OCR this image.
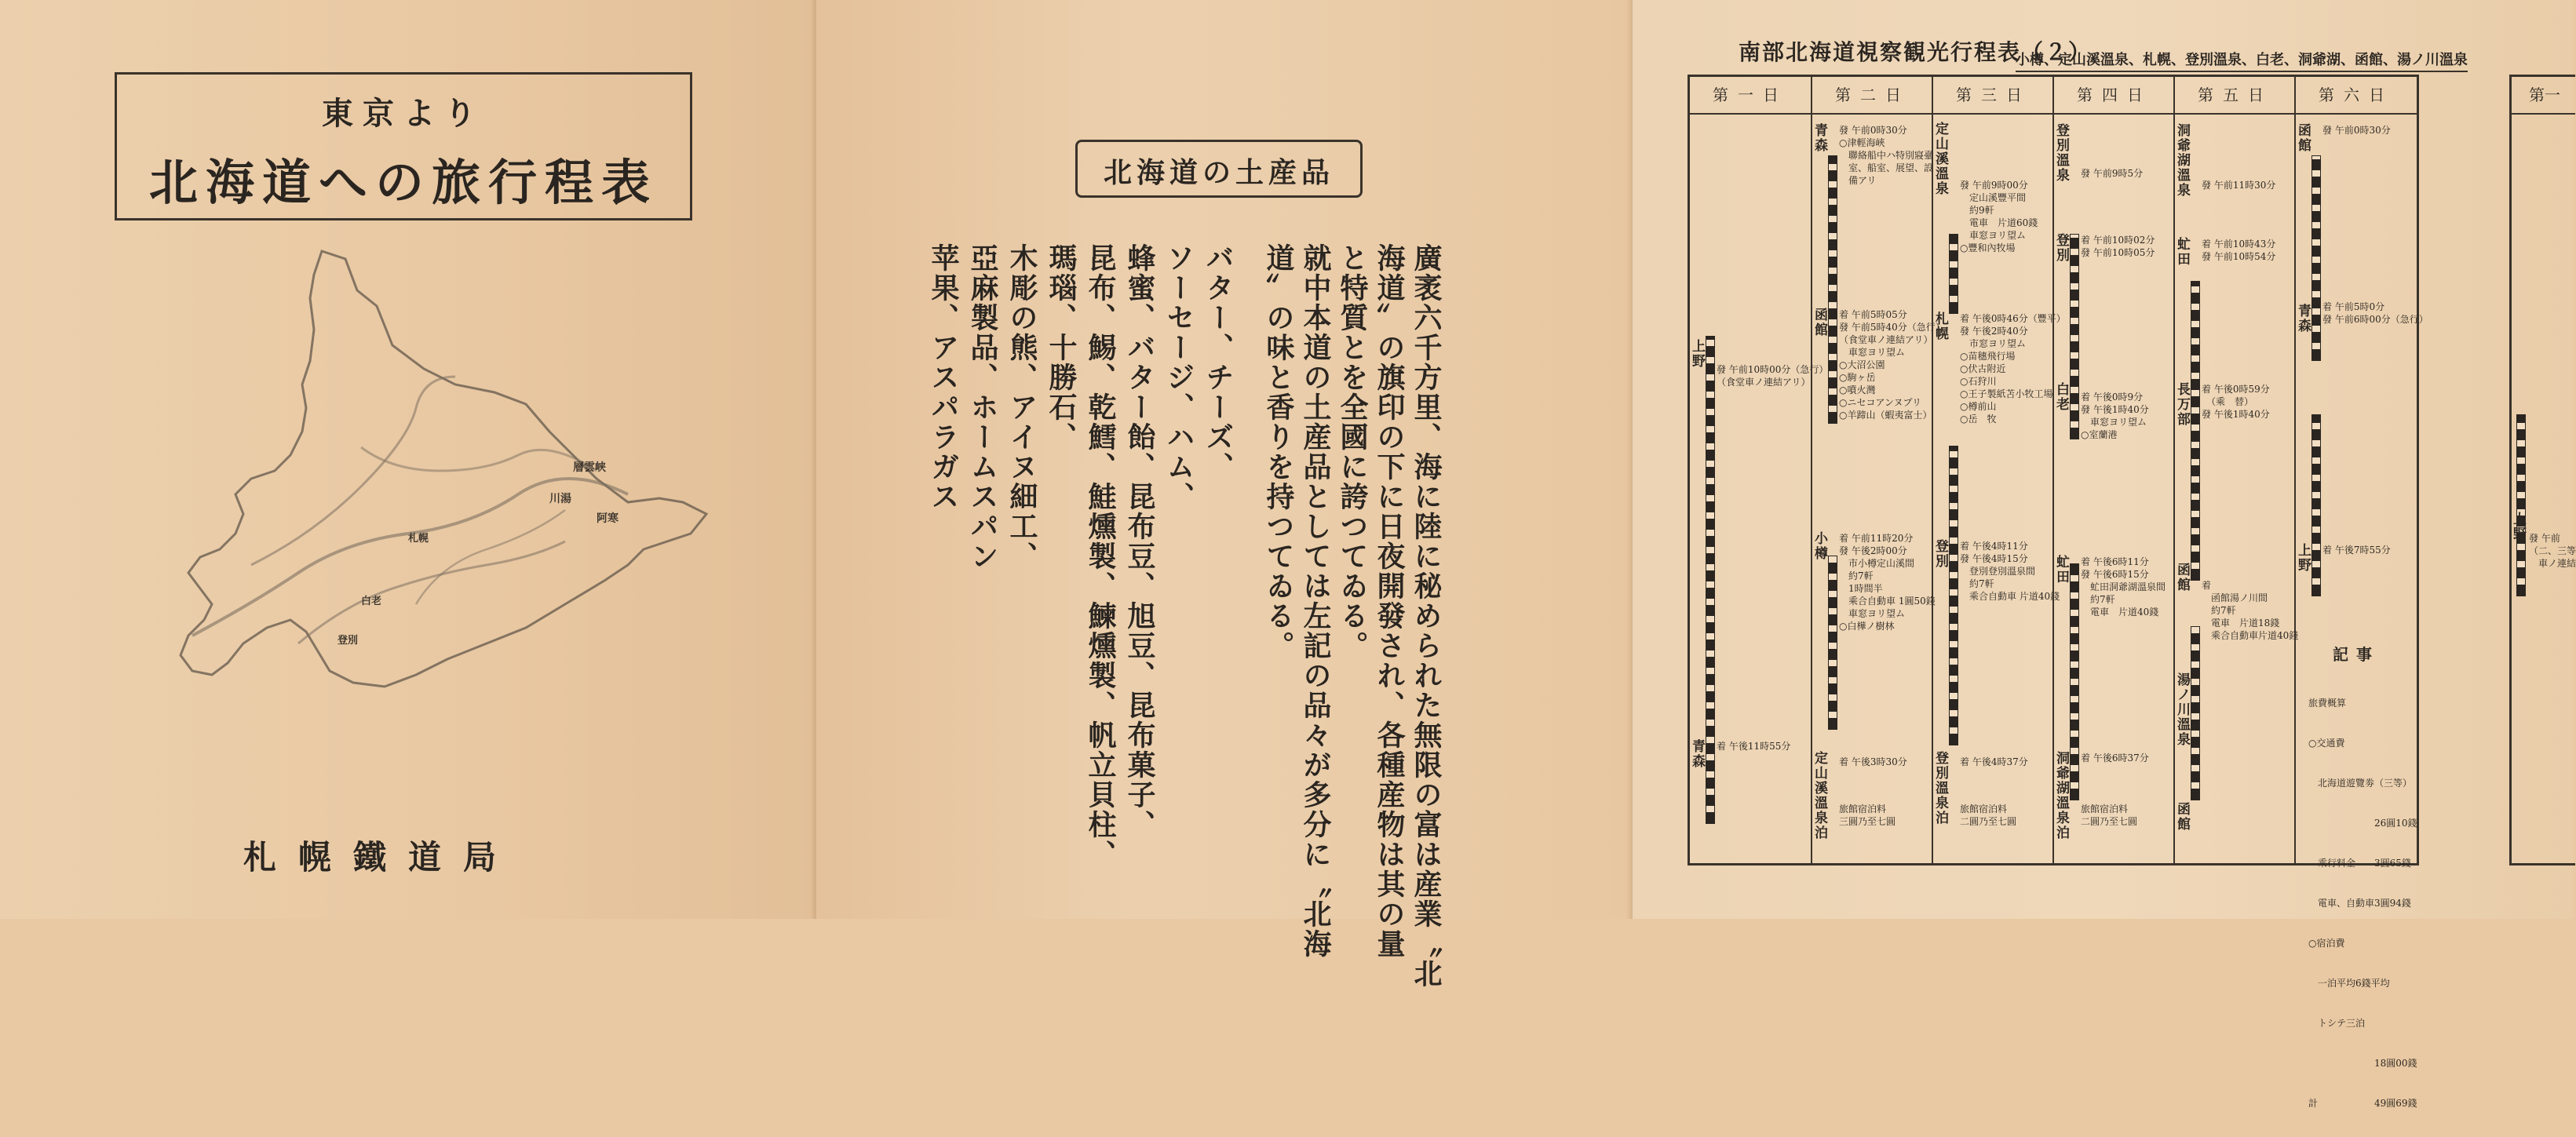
東京より
北海道への旅行程表
川湯
阿寒
層雲峡
白老
札幌
登別
札幌鐵道局
北海道の土産品
廣袤六千方里、海に陸に秘められた無限の富は産業〝北
海道〟の旗印の下に日夜開發され、各種産物は其の量
と特質とを全國に誇つてゐる。
就中本道の土産品としては左記の品々が多分に〝北海
道〟の味と香りを持つてゐる。
バター、チーズ、
ソーセージ、ハム、
蜂蜜、バター飴、昆布豆、旭豆、昆布菓子、
昆布、鯣、乾鱈、鮭燻製、鰊燻製、帆立貝柱、
瑪瑙、十勝石、
木彫の熊、アイヌ細工、
亞麻製品、ホームスパン
苹果、アスパラガス
南部北海道視察観光行程表（２）
小樽、定山溪溫泉、札幌、登別溫泉、白老、洞爺湖、函館、湯ノ川溫泉
第一日
上野
青森
發 午前10時00分（急行）
（食堂車ノ連結アリ）
着 午後11時55分
第二日
青森
函館
小樽
定山溪溫泉泊
發 午前0時30分
○津輕海峽
　聯絡船中ハ特別寢臺
　室、船室、展望、設
　備アリ
着 午前5時05分
發 午前5時40分（急行）
（食堂車ノ連結アリ）
　車窓ヨリ望ム
○大沼公園
○駒ヶ岳
○噴火灣
○ニセコアンヌプリ
○羊蹄山（蝦夷富士）
着 午前11時20分
發 午後2時00分
　市小樽定山溪間
　約7軒
　1時間半
　乘合自動車 1圓50錢
　車窓ヨリ望ム
○白樺ノ樹林
着 午後3時30分
旅館宿泊料
三圓乃至七圓
第三日
定山溪溫泉
札幌
登別
登別溫泉泊
發 午前9時00分
　定山溪豐平間
　約9軒
　電車　片道60錢
　車窓ヨリ望ム
○豐和內牧場
着 午後0時46分（豐平）
發 午後2時40分
　市窓ヨリ望ム
○苗穗飛行場
○伏古附近
○石狩川
○王子製紙苫小牧工場
○樽前山
○岳　牧
着 午後4時11分
發 午後4時15分
　登別登別溫泉間
　約7軒
　乘合自動車 片道40錢
着 午後4時37分
旅館宿泊料
二圓乃至七圓
第四日
登別溫泉
登別
白老
虻田
洞爺湖溫泉泊
發 午前9時5分
着 午前10時02分
發 午前10時05分
着 午後0時9分
發 午後1時40分
　車窓ヨリ望ム
○室蘭港
着 午後6時11分
發 午後6時15分
　虻田洞爺湖溫泉間
　約7軒
　電車　片道40錢
着 午後6時37分
旅館宿泊料
二圓乃至七圓
第五日
洞爺湖溫泉
虻田
長万部
函館
湯ノ川溫泉
函館
發 午前11時30分
着 午前10時43分
發 午前10時54分
着 午後0時59分
　（乘　替）
發 午後1時40分
着
　函館湯ノ川間
　約7軒
　電車　片道18錢
　乘合自動車片道40錢
第六日
函館
青森
上野
發 午前0時30分
着 午前5時0分
發 午前6時00分（急行）
着 午後7時55分
記事

旅費概算

○交通費

　北海道遊覽劵（三等）

　　　　　　　26圓10錢

　乘行料金　　3圓65錢

　電車、自動車3圓94錢

○宿泊費

　一泊平均6錢平均

　トシテ三泊

　　　　　　　18圓00錢

計　　　　　　49圓69錢

第一
上野 發 午前
（二、三等
　車ノ連結
